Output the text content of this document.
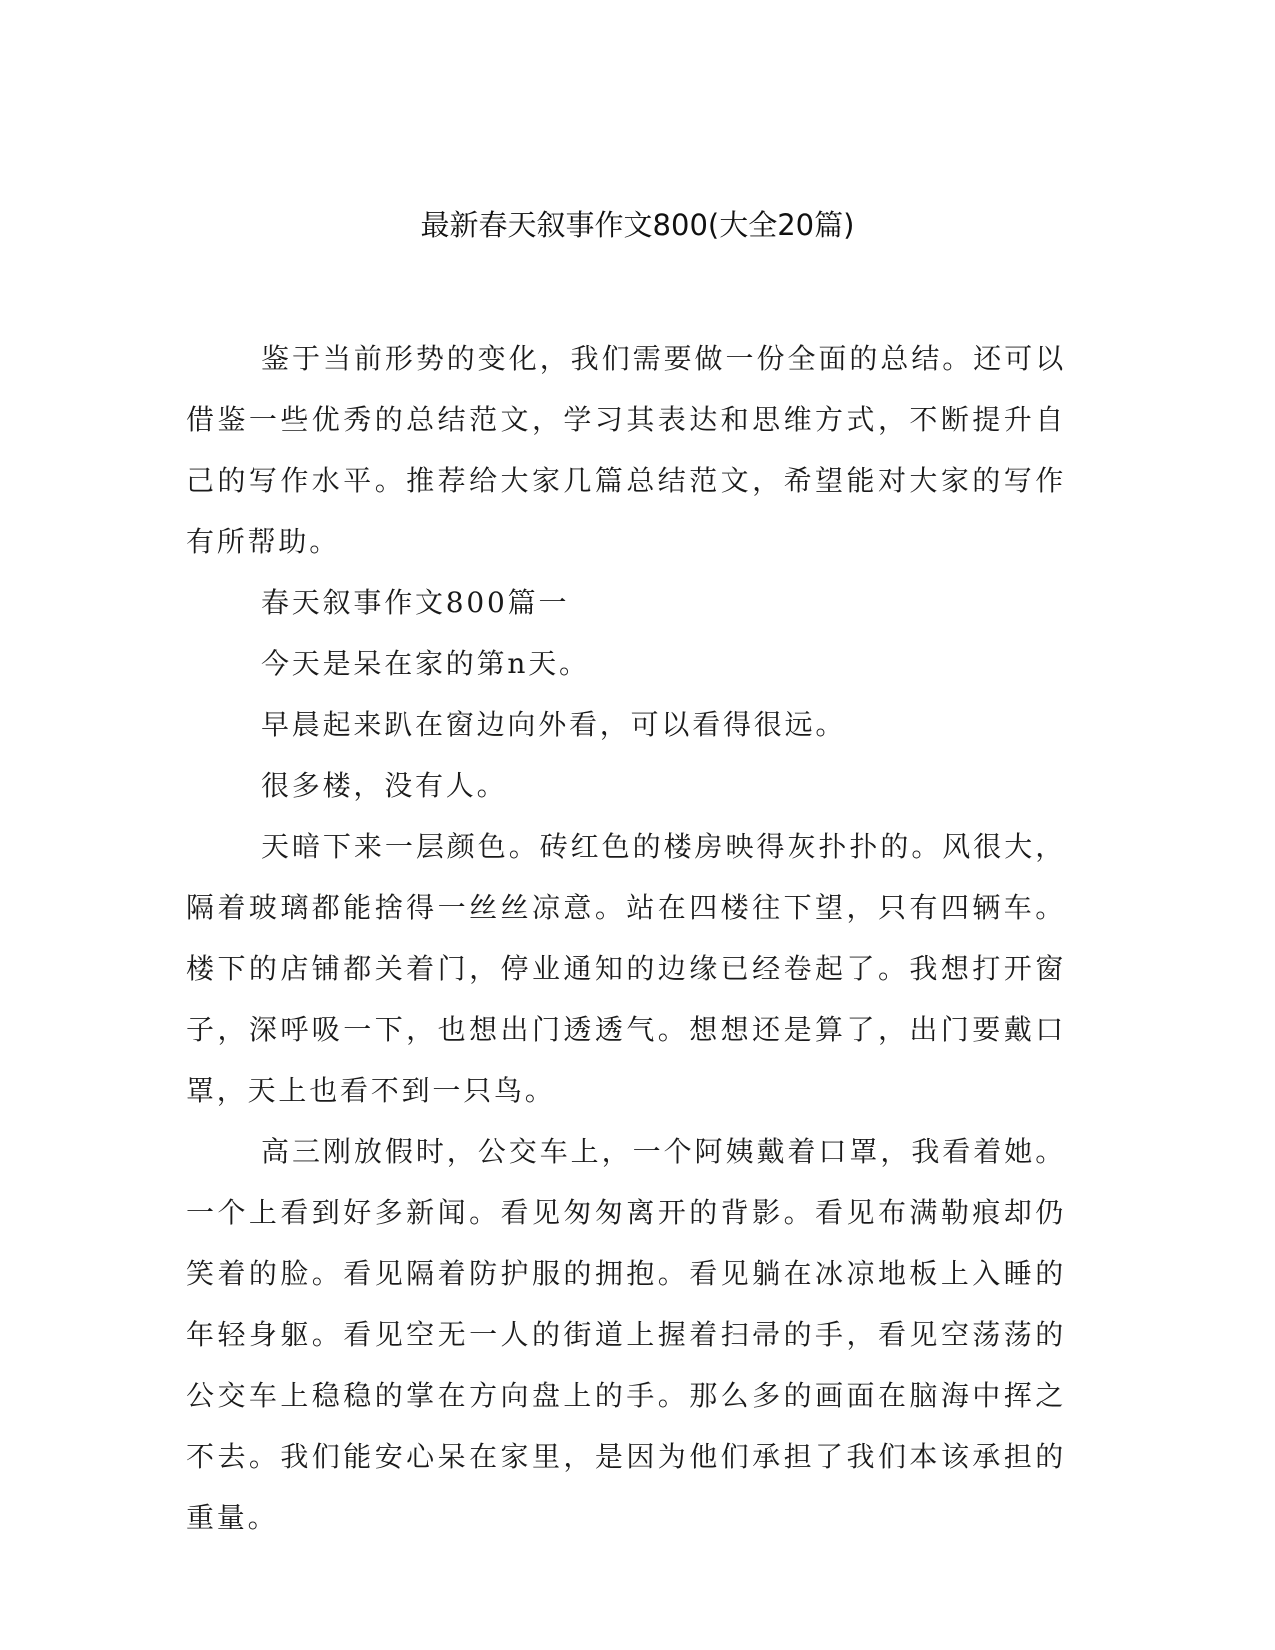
最新春天叙事作文800(大全20篇)

鉴于当前形势的变化，我们需要做一份全面的总结。还可以借鉴一些优秀的总结范文，学习其表达和思维方式，不断提升自己的写作水平。推荐给大家几篇总结范文，希望能对大家的写作有所帮助。

春天叙事作文800篇一

今天是呆在家的第n天。

早晨起来趴在窗边向外看，可以看得很远。

很多楼，没有人。

天暗下来一层颜色。砖红色的楼房映得灰扑扑的。风很大，隔着玻璃都能捨得一丝丝凉意。站在四楼往下望，只有四辆车。楼下的店铺都关着门，停业通知的边缘已经卷起了。我想打开窗子，深呼吸一下，也想出门透透气。想想还是算了，出门要戴口罩，天上也看不到一只鸟。

高三刚放假时，公交车上，一个阿姨戴着口罩，我看着她。一个上看到好多新闻。看见匆匆离开的背影。看见布满勒痕却仍笑着的脸。看见隔着防护服的拥抱。看见躺在冰凉地板上入睡的年轻身躯。看见空无一人的街道上握着扫帚的手，看见空荡荡的公交车上稳稳的掌在方向盘上的手。那么多的画面在脑海中挥之不去。我们能安心呆在家里，是因为他们承担了我们本该承担的重量。
